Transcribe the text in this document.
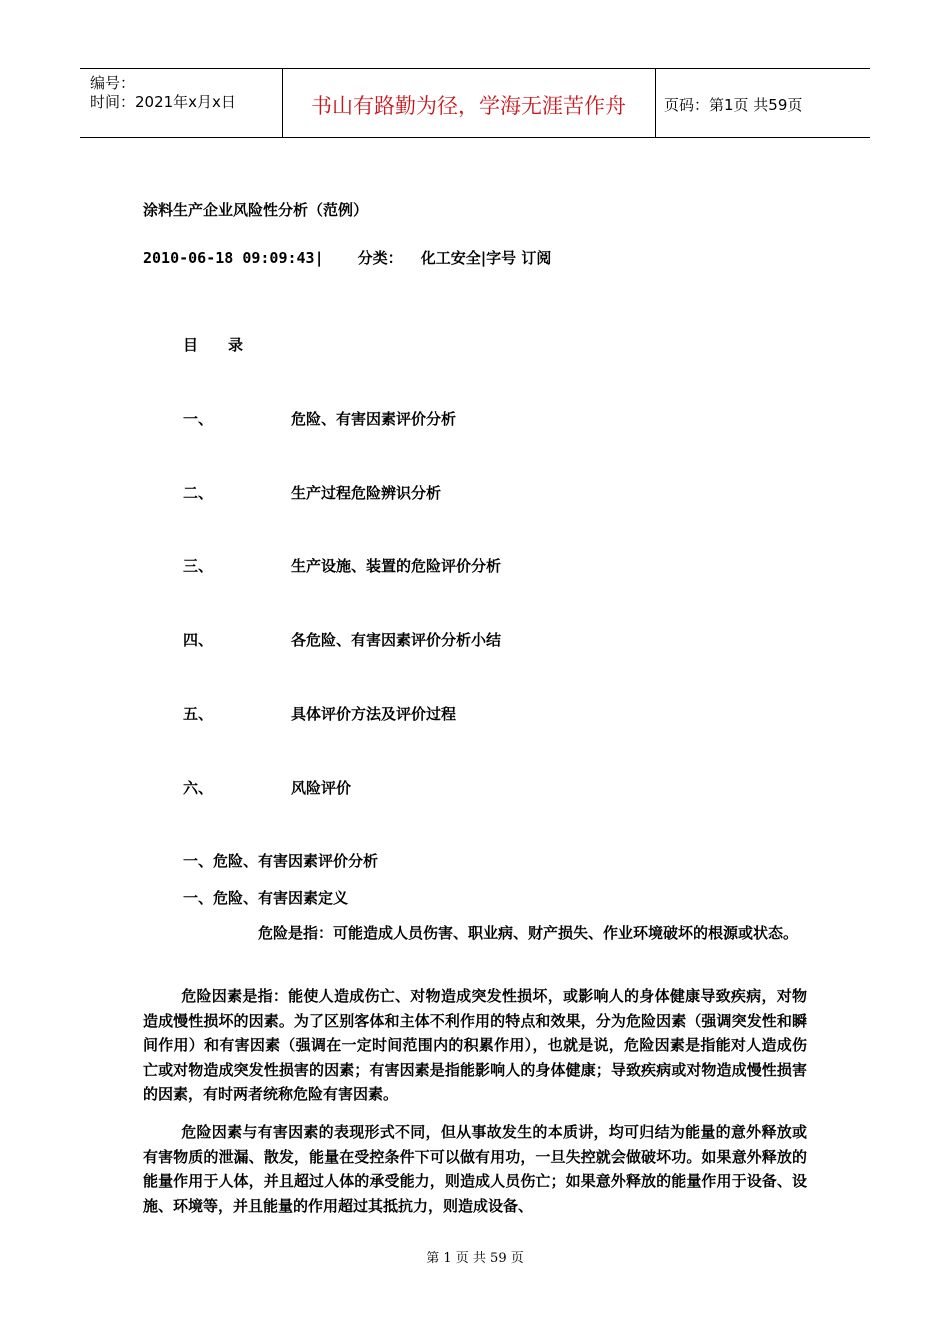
编号：
时间：2021年x月x日	书山有路勤为径，学海无涯苦作舟	页码：第1页 共59页
涂料生产企业风险性分析（范例）
2010-06-18 09:09:43| 分类： 化工安全|字号 订阅
目录
一、	危险、有害因素评价分析
二、	生产过程危险辨识分析
三、	生产设施、装置的危险评价分析
四、	各危险、有害因素评价分析小结
五、	具体评价方法及评价过程
六、	风险评价
一、危险、有害因素评价分析
一、危险、有害因素定义

危险是指：可能造成人员伤害、职业病、财产损失、作业环境破坏的根源或状态。

危险因素是指：能使人造成伤亡、对物造成突发性损坏，或影响人的身体健康导致疾病，对物造成慢性损坏的因素。为了区别客体和主体不利作用的特点和效果，分为危险因素（强调突发性和瞬间作用）和有害因素（强调在一定时间范围内的积累作用），也就是说，危险因素是指能对人造成伤亡或对物造成突发性损害的因素；有害因素是指能影响人的身体健康；导致疾病或对物造成慢性损害的因素，有时两者统称危险有害因素。

危险因素与有害因素的表现形式不同，但从事故发生的本质讲，均可归结为能量的意外释放或有害物质的泄漏、散发，能量在受控条件下可以做有用功，一旦失控就会做破坏功。如果意外释放的能量作用于人体，并且超过人体的承受能力，则造成人员伤亡；如果意外释放的能量作用于设备、设施、环境等，并且能量的作用超过其抵抗力，则造成设备、

第 1 页 共 59 页
